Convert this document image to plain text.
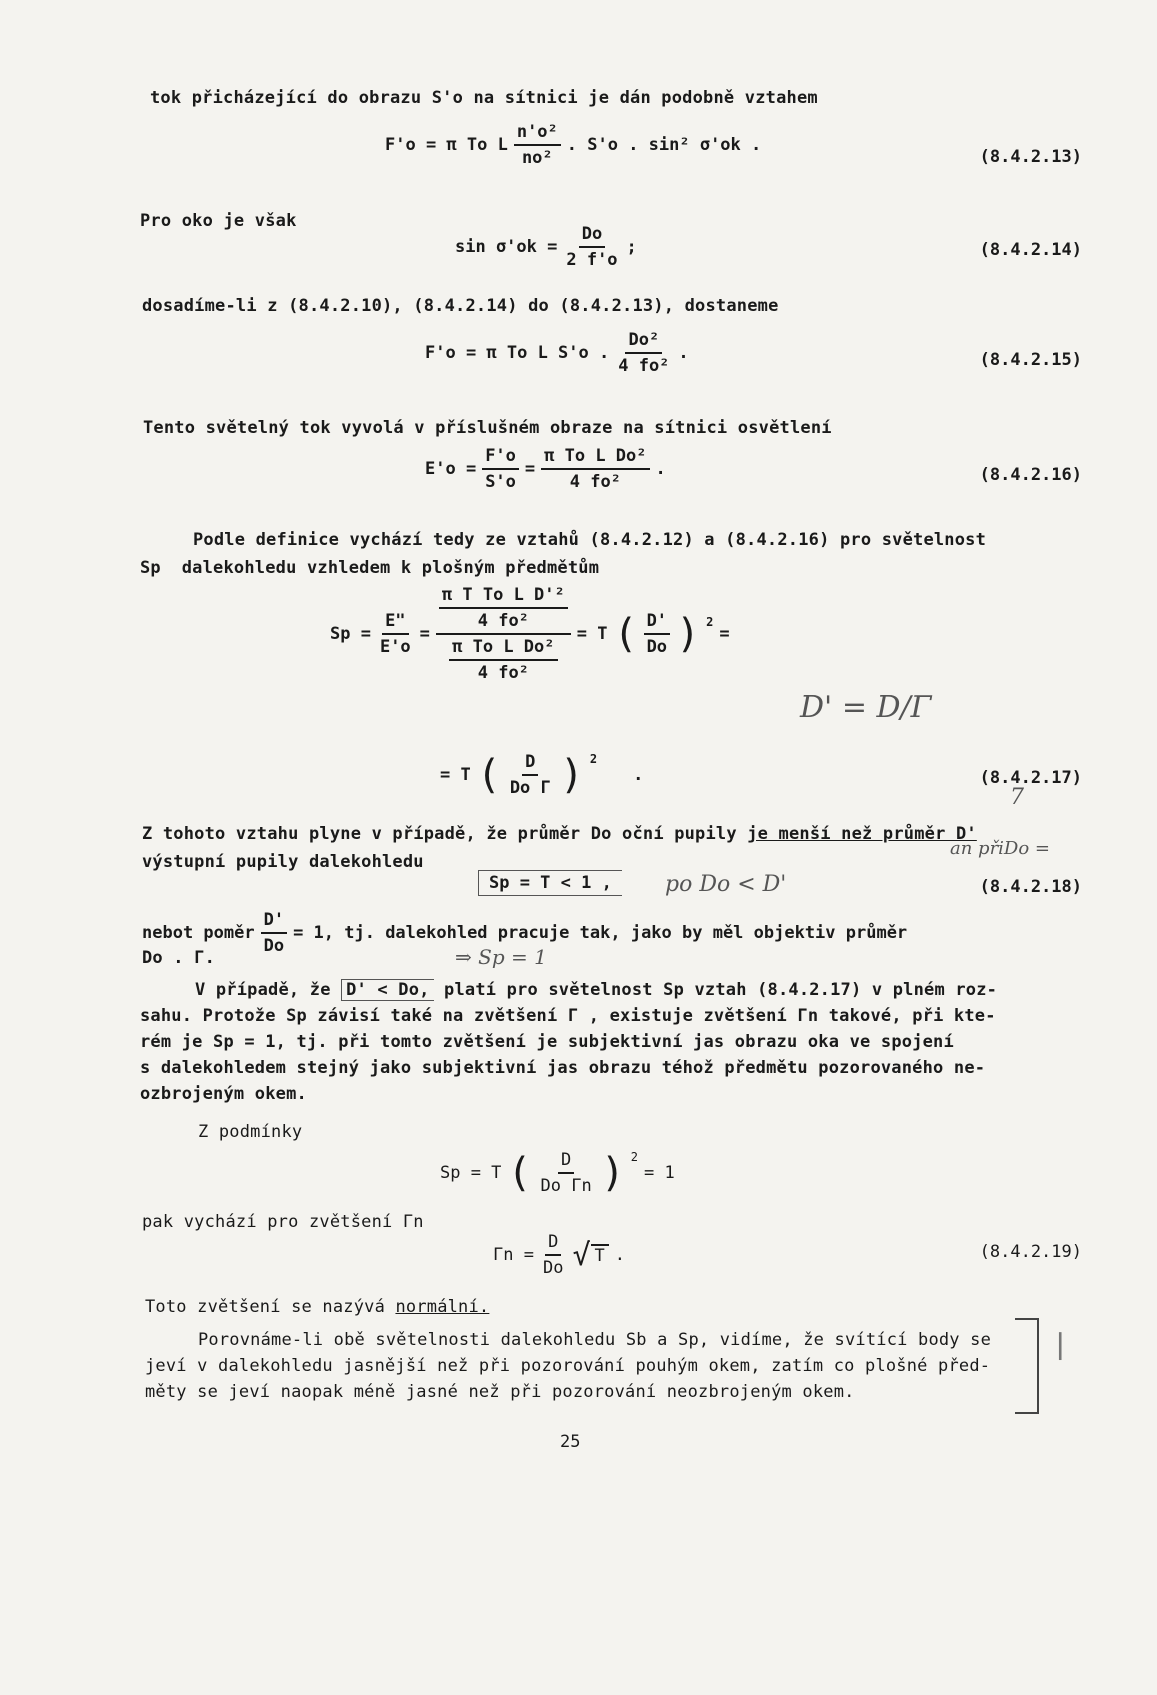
tok přicházející do obrazu S'o na sítnici je dán podobně vztahem
F'o = π To L $\frac{\text{n'o²}}{\text{no²}}$ . S'o . sin² σ'ok .
(8.4.2.13)
Pro oko je však
$\sin \sigma'ok = \frac{Do}{2 f'o}$ ;	(8.4.2.14)
dosadíme-li z (8.4.2.10), (8.4.2.14) do (8.4.2.13), dostaneme
F'o = π To L S'o . $\frac{\text{Do²}}{\text{4 fo²}}$ .	(8.4.2.15)
Tento světelný tok vyvolá v příslušném obraze na sítnici osvětlení
$E'o = \frac{F'o}{S'o} = \frac{\text{π To L Do²}}{\text{4 fo²}}$ .	(8.4.2.16)
Podle definice vychází tedy ze vztahů (8.4.2.12) a (8.4.2.16) pro světelnost
Sp dalekohledu vzhledem k plošným předmětům
$Sp = \frac{E"}{E'o} = \frac{\frac{\text{π T To L D'²}}{\text{4 fo²}}}{\frac{\text{π To L Do²}}{\text{4 fo²}}} = T$ ( $\frac{D'}{Do}$ ) $^2$
=
D' = D/Γ
= T ( $\frac{D}{\text{Do Γ}}$ ) $^2$
.	(8.4.2.17)
7
Z tohoto vztahu plyne v případě, že průměr Do oční pupily je menší než průměr D'
an přiDo =
výstupní pupily dalekohledu
Sp = T < 1 ,	po Do < D'	(8.4.2.18)
nebot poměr $\frac{D'}{Do} = 1$, tj. dalekohled pracuje tak, jako by měl objektiv průměr
Do . Γ.	⇒ Sp = 1
V případě, že D' < Do, platí pro světelnost Sp vztah (8.4.2.17) v plném roz-
sahu. Protože Sp závisí také na zvětšení Γ , existuje zvětšení Γn takové, při kte-
rém je Sp = 1, tj. při tomto zvětšení je subjektivní jas obrazu oka ve spojení
s dalekohledem stejný jako subjektivní jas obrazu téhož předmětu pozorovaného ne-
ozbrojeným okem.
Z podmínky
Sp = T ( $\frac{D}{\text{Do Γn}}$ ) $^2$
= 1
pak vychází pro zvětšení Γn
$\Gamma n = \frac{D}{Do}$ √ T .	(8.4.2.19)
Toto zvětšení se nazývá normální.
Porovnáme-li obě světelnosti dalekohledu Sb a Sp, vidíme, že svítící body se
jeví v dalekohledu jasnější než při pozorování pouhým okem, zatím co plošné před-
měty se jeví naopak méně jasné než při pozorování neozbrojeným okem.
❘
25
